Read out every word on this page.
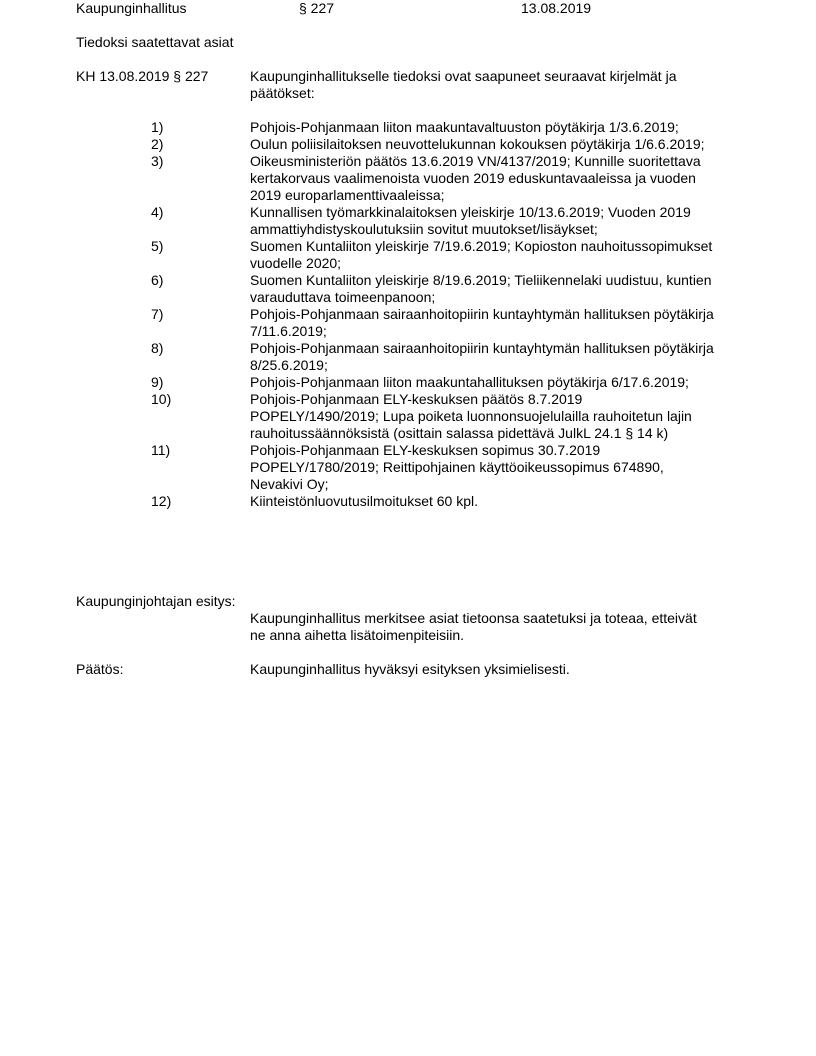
Kaupunginhallitus	§ 227	13.08.2019
Tiedoksi saatettavat asiat
KH 13.08.2019 § 227	Kaupunginhallitukselle tiedoksi ovat saapuneet seuraavat kirjelmät ja päätökset:
1)	Pohjois-Pohjanmaan liiton maakuntavaltuuston pöytäkirja 1/3.6.2019;
2)	Oulun poliisilaitoksen neuvottelukunnan kokouksen pöytäkirja 1/6.6.2019;
3)	Oikeusministeriön päätös 13.6.2019 VN/4137/2019; Kunnille suoritettava
kertakorvaus vaalimenoista vuoden 2019 eduskuntavaaleissa ja vuoden
2019 europarlamenttivaaleissa;
4)	Kunnallisen työmarkkinalaitoksen yleiskirje 10/13.6.2019; Vuoden 2019
ammattiyhdistyskoulutuksiin sovitut muutokset/lisäykset;
5)	Suomen Kuntaliiton yleiskirje 7/19.6.2019; Kopioston nauhoitussopimukset
vuodelle 2020;
6)	Suomen Kuntaliiton yleiskirje 8/19.6.2019; Tieliikennelaki uudistuu, kuntien
varauduttava toimeenpanoon;
7)	Pohjois-Pohjanmaan sairaanhoitopiirin kuntayhtymän hallituksen pöytäkirja
7/11.6.2019;
8)	Pohjois-Pohjanmaan sairaanhoitopiirin kuntayhtymän hallituksen pöytäkirja
8/25.6.2019;
9)	Pohjois-Pohjanmaan liiton maakuntahallituksen pöytäkirja 6/17.6.2019;
10)	Pohjois-Pohjanmaan ELY-keskuksen päätös 8.7.2019
POPELY/1490/2019; Lupa poiketa luonnonsuojelulailla rauhoitetun lajin
rauhoitussäännöksistä (osittain salassa pidettävä JulkL 24.1 § 14 k)
11)	Pohjois-Pohjanmaan ELY-keskuksen sopimus 30.7.2019
POPELY/1780/2019; Reittipohjainen käyttöoikeussopimus 674890,
Nevakivi Oy;
12)	Kiinteistönluovutusilmoitukset 60 kpl.
Kaupunginjohtajan esitys:
Kaupunginhallitus merkitsee asiat tietoonsa saatetuksi ja toteaa, etteivät
ne anna aihetta lisätoimenpiteisiin.
Päätös:	Kaupunginhallitus hyväksyi esityksen yksimielisesti.
